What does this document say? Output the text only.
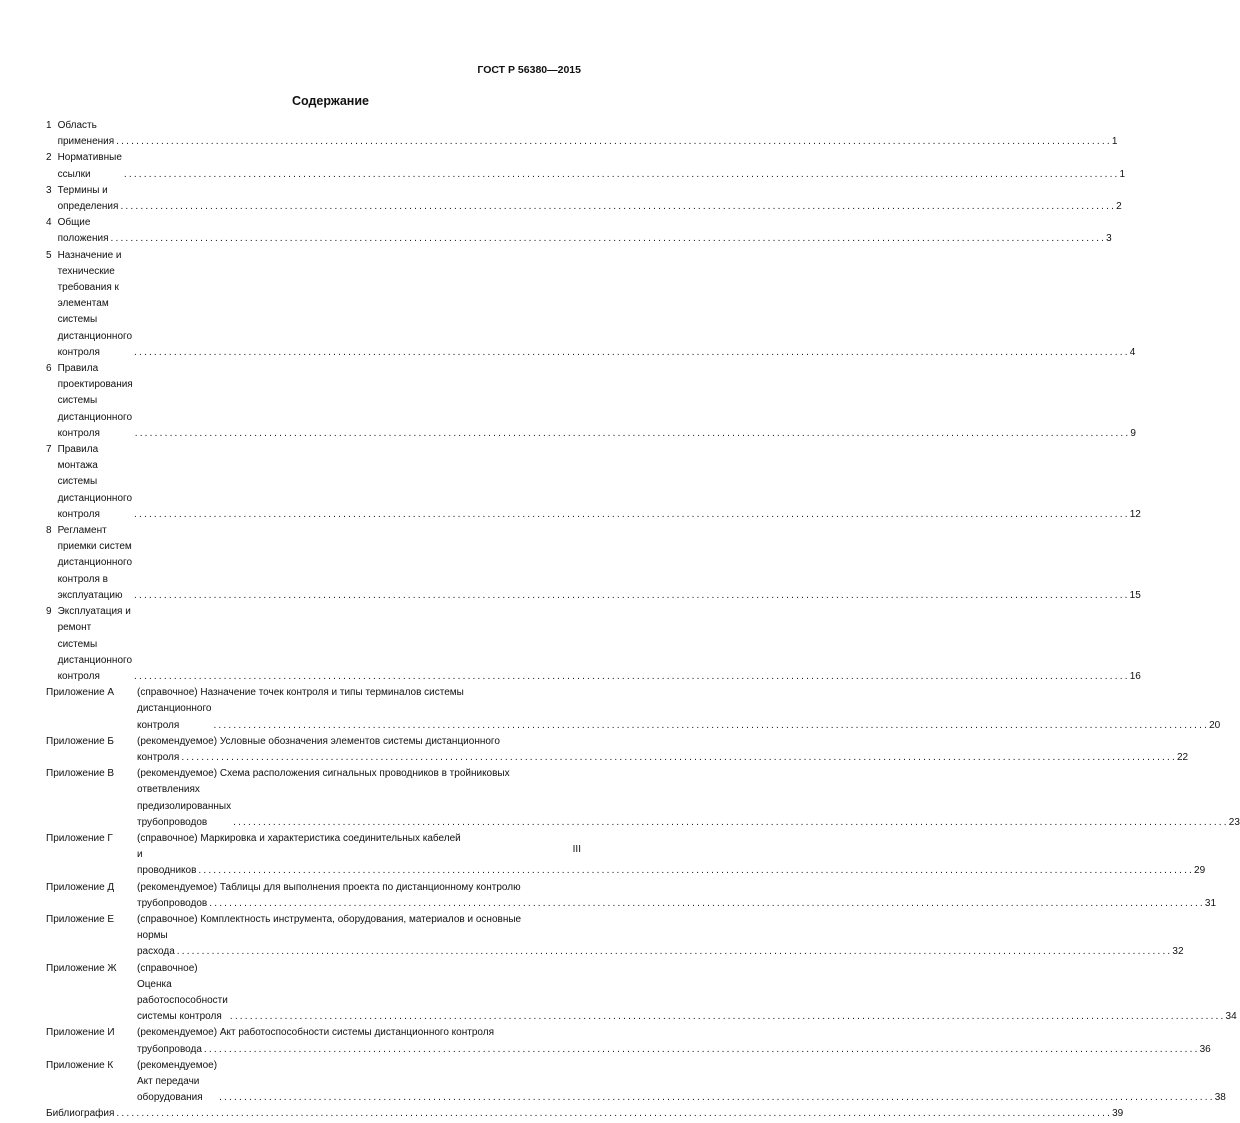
ГОСТ Р 56380—2015
Содержание
1 Область применения ........................................................................................................................................................................................................ 1
2 Нормативные ссылки	........................................................................................................................................................................................................ 1
3 Термины и определения ........................................................................................................................................................................................................ 2
4 Общие положения ........................................................................................................................................................................................................ 3
5 Назначение и технические требования к элементам системы дистанционного контроля	........................................................................................................................................................................................................ 4
6 Правила проектирования системы дистанционного контроля	........................................................................................................................................................................................................ 9
7 Правила монтажа системы дистанционного контроля	........................................................................................................................................................................................................ 12
8 Регламент приемки систем дистанционного контроля в эксплуатацию	........................................................................................................................................................................................................ 15
9 Эксплуатация и ремонт системы дистанционного контроля	........................................................................................................................................................................................................ 16
Приложение А	(справочное) Назначение точек контроля и типы терминалов системы
дистанционного контроля	........................................................................................................................................................................................................ 20
Приложение Б	(рекомендуемое) Условные обозначения элементов системы дистанционного
контроля ........................................................................................................................................................................................................ 22
Приложение В	(рекомендуемое) Схема расположения сигнальных проводников в тройниковых
ответвлениях предизолированных трубопроводов	........................................................................................................................................................................................................ 23
Приложение Г	(справочное) Маркировка и характеристика соединительных кабелей
и проводников ........................................................................................................................................................................................................ 29
Приложение Д	(рекомендуемое) Таблицы для выполнения проекта по дистанционному контролю
трубопроводов ........................................................................................................................................................................................................ 31
Приложение Е	(справочное) Комплектность инструмента, оборудования, материалов и основные
нормы расхода ........................................................................................................................................................................................................ 32
Приложение Ж	(справочное) Оценка работоспособности системы контроля ........................................................................................................................................................................................................ 34
Приложение И	(рекомендуемое) Акт работоспособности системы дистанционного контроля
трубопровода ........................................................................................................................................................................................................ 36
Приложение К	(рекомендуемое) Акт передачи оборудования	........................................................................................................................................................................................................ 38
Библиография ........................................................................................................................................................................................................ 39
III
